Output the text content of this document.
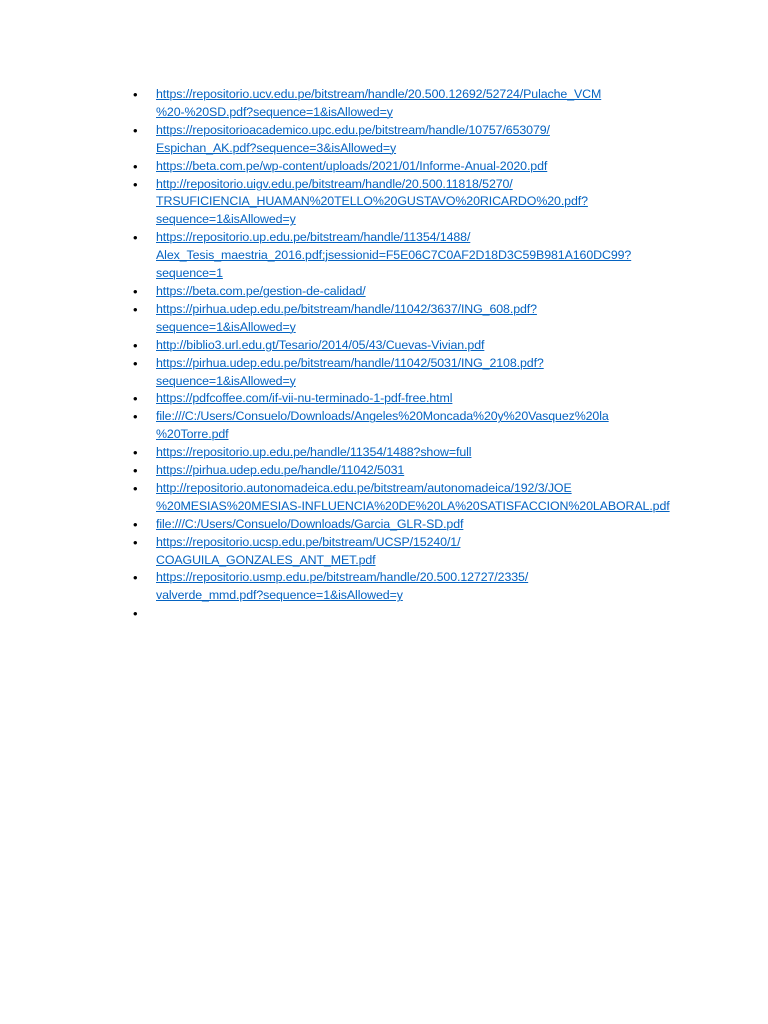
•	https://repositorio.ucv.edu.pe/bitstream/handle/20.500.12692/52724/Pulache_VCM
%20-%20SD.pdf?sequence=1&isAllowed=y
•	https://repositorioacademico.upc.edu.pe/bitstream/handle/10757/653079/
Espichan_AK.pdf?sequence=3&isAllowed=y
•	https://beta.com.pe/wp-content/uploads/2021/01/Informe-Anual-2020.pdf
•	http://repositorio.uigv.edu.pe/bitstream/handle/20.500.11818/5270/
TRSUFICIENCIA_HUAMAN%20TELLO%20GUSTAVO%20RICARDO%20.pdf?
sequence=1&isAllowed=y
•	https://repositorio.up.edu.pe/bitstream/handle/11354/1488/
Alex_Tesis_maestria_2016.pdf;jsessionid=F5E06C7C0AF2D18D3C59B981A160DC99?
sequence=1
•	https://beta.com.pe/gestion-de-calidad/
•	https://pirhua.udep.edu.pe/bitstream/handle/11042/3637/ING_608.pdf?
sequence=1&isAllowed=y
•	http://biblio3.url.edu.gt/Tesario/2014/05/43/Cuevas-Vivian.pdf
•	https://pirhua.udep.edu.pe/bitstream/handle/11042/5031/ING_2108.pdf?
sequence=1&isAllowed=y
•	https://pdfcoffee.com/if-vii-nu-terminado-1-pdf-free.html
•	file:///C:/Users/Consuelo/Downloads/Angeles%20Moncada%20y%20Vasquez%20la
%20Torre.pdf
•	https://repositorio.up.edu.pe/handle/11354/1488?show=full
•	https://pirhua.udep.edu.pe/handle/11042/5031
•	http://repositorio.autonomadeica.edu.pe/bitstream/autonomadeica/192/3/JOE
%20MESIAS%20MESIAS-INFLUENCIA%20DE%20LA%20SATISFACCION%20LABORAL.pdf
•	file:///C:/Users/Consuelo/Downloads/Garcia_GLR-SD.pdf
•	https://repositorio.ucsp.edu.pe/bitstream/UCSP/15240/1/
COAGUILA_GONZALES_ANT_MET.pdf
•	https://repositorio.usmp.edu.pe/bitstream/handle/20.500.12727/2335/
valverde_mmd.pdf?sequence=1&isAllowed=y
•
